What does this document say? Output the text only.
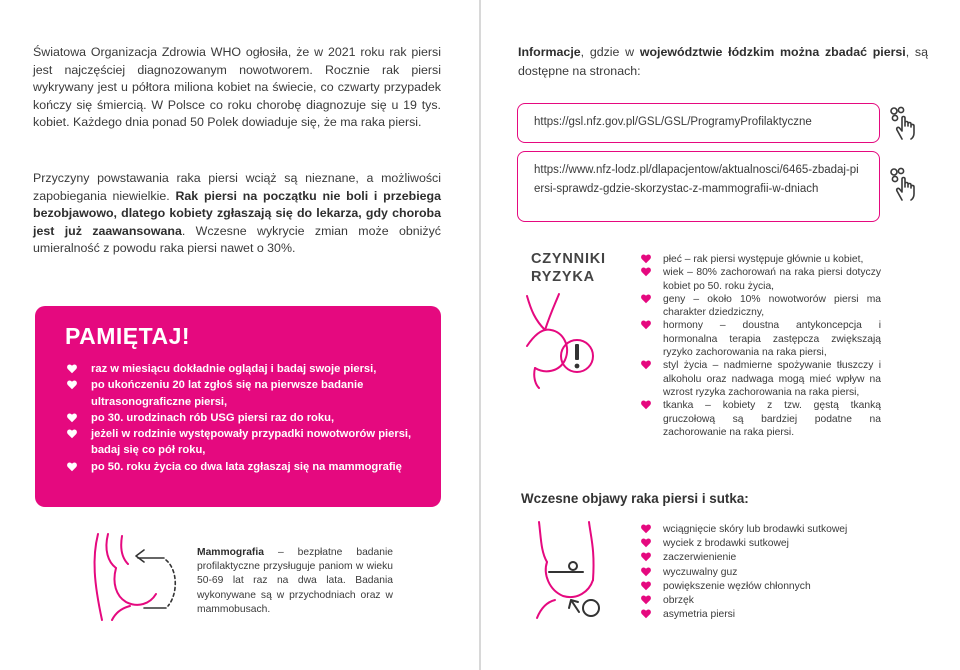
Światowa Organizacja Zdrowia WHO ogłosiła, że w 2021 roku rak piersi jest najczęściej diagnozowanym nowotworem. Rocznie rak piersi wykrywany jest u półtora miliona kobiet na świecie, co czwarty przypadek kończy się śmiercią. W Polsce co roku chorobę diagnozuje się u 19 tys. kobiet. Każdego dnia ponad 50 Polek dowiaduje się, że ma raka piersi.

Przyczyny powstawania raka piersi wciąż są nieznane, a możliwości zapobiegania niewielkie. Rak piersi na początku nie boli i przebiega bezobjawowo, dlatego kobiety zgłaszają się do lekarza, gdy choroba jest już zaawansowana. Wczesne wykrycie zmian może obniżyć umieralność z powodu raka piersi nawet o 30%.

PAMIĘTAJ!
raz w miesiącu dokładnie oglądaj i badaj swoje piersi,
po ukończeniu 20 lat zgłoś się na pierwsze badanie ultrasonograficzne piersi,
po 30. urodzinach rób USG piersi raz do roku,
jeżeli w rodzinie występowały przypadki nowotworów piersi, badaj się co pół roku,
po 50. roku życia co dwa lata zgłaszaj się na mammografię

Mammografia – bezpłatne badanie profilaktyczne przysługuje paniom w wieku 50-69 lat raz na dwa lata. Badania wykonywane są w przychodniach oraz w mammobusach.

Informacje, gdzie w województwie łódzkim można zbadać piersi, są dostępne na stronach:

https://gsl.nfz.gov.pl/GSL/GSL/ProgramyProfilaktyczne
https://www.nfz-lodz.pl/dlapacjentow/aktualnosci/6465-zbadaj-piersi-sprawdz-gdzie-skorzystac-z-mammografii-w-dniach
CZYNNIKI
RYZYKA
płeć – rak piersi występuje głównie u kobiet,
wiek – 80% zachorowań na raka piersi dotyczy kobiet po 50. roku życia,
geny – około 10% nowotworów piersi ma charakter dziedziczny,
hormony – doustna antykoncepcja i hormonalna terapia zastępcza zwiększają ryzyko zachorowania na raka piersi,
styl życia – nadmierne spożywanie tłuszczy i alkoholu oraz nadwaga mogą mieć wpływ na wzrost ryzyka zachorowania na raka piersi,
tkanka – kobiety z tzw. gęstą tkanką gruczołową są bardziej podatne na zachorowanie na raka piersi.
Wczesne objawy raka piersi i sutka:
wciągnięcie skóry lub brodawki sutkowej
wyciek z brodawki sutkowej
zaczerwienienie
wyczuwalny guz
powiększenie węzłów chłonnych
obrzęk
asymetria piersi
